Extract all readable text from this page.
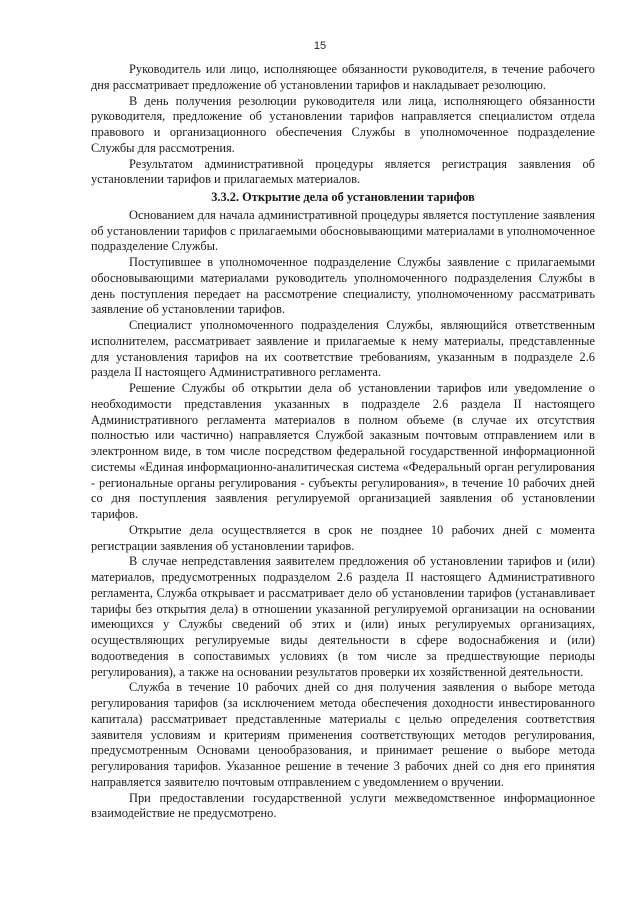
15

Руководитель или лицо, исполняющее обязанности руководителя, в течение рабочего дня рассматривает предложение об установлении тарифов и накладывает резолюцию.

В день получения резолюции руководителя или лица, исполняющего обязанности руководителя, предложение об установлении тарифов направляется специалистом отдела правового и организационного обеспечения Службы в уполномоченное подразделение Службы для рассмотрения.

Результатом административной процедуры является регистрация заявления об установлении тарифов и прилагаемых материалов.

3.3.2. Открытие дела об установлении тарифов

Основанием для начала административной процедуры является поступление заявления об установлении тарифов с прилагаемыми обосновывающими материалами в уполномоченное подразделение Службы.

Поступившее в уполномоченное подразделение Службы заявление с прилагаемыми обосновывающими материалами руководитель уполномоченного подразделения Службы в день поступления передает на рассмотрение специалисту, уполномоченному рассматривать заявление об установлении тарифов.

Специалист уполномоченного подразделения Службы, являющийся ответственным исполнителем, рассматривает заявление и прилагаемые к нему материалы, представленные для установления тарифов на их соответствие требованиям, указанным в подразделе 2.6 раздела II настоящего Административного регламента.

Решение Службы об открытии дела об установлении тарифов или уведомление о необходимости представления указанных в подразделе 2.6 раздела II настоящего Административного регламента материалов в полном объеме (в случае их отсутствия полностью или частично) направляется Службой заказным почтовым отправлением или в электронном виде, в том числе посредством федеральной государственной информационной системы «Единая информационно-аналитическая система «Федеральный орган регулирования - региональные органы регулирования - субъекты регулирования», в течение 10 рабочих дней со дня поступления заявления регулируемой организацией заявления об установлении тарифов.

Открытие дела осуществляется в срок не позднее 10 рабочих дней с момента регистрации заявления об установлении тарифов.

В случае непредставления заявителем предложения об установлении тарифов и (или) материалов, предусмотренных подразделом 2.6 раздела II настоящего Административного регламента, Служба открывает и рассматривает дело об установлении тарифов (устанавливает тарифы без открытия дела) в отношении указанной регулируемой организации на основании имеющихся у Службы сведений об этих и (или) иных регулируемых организациях, осуществляющих регулируемые виды деятельности в сфере водоснабжения и (или) водоотведения в сопоставимых условиях (в том числе за предшествующие периоды регулирования), а также на основании результатов проверки их хозяйственной деятельности.

Служба в течение 10 рабочих дней со дня получения заявления о выборе метода регулирования тарифов (за исключением метода обеспечения доходности инвестированного капитала) рассматривает представленные материалы с целью определения соответствия заявителя условиям и критериям применения соответствующих методов регулирования, предусмотренным Основами ценообразования, и принимает решение о выборе метода регулирования тарифов. Указанное решение в течение 3 рабочих дней со дня его принятия направляется заявителю почтовым отправлением с уведомлением о вручении.

При предоставлении государственной услуги межведомственное информационное взаимодействие не предусмотрено.
